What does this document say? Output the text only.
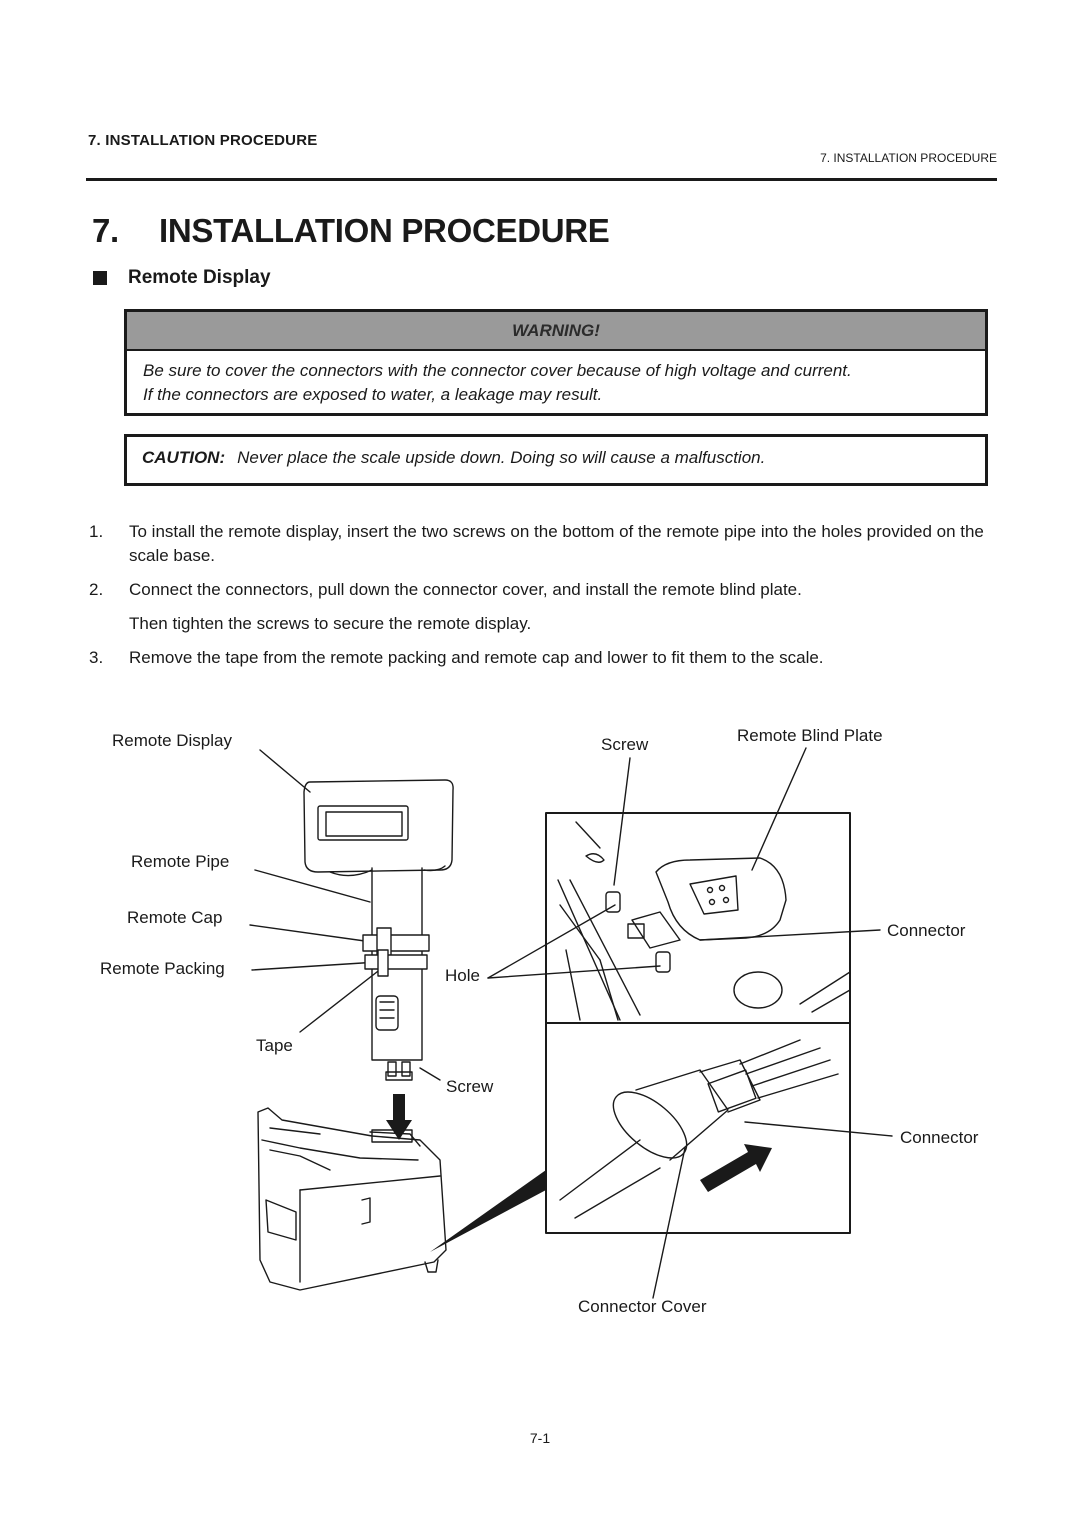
7. INSTALLATION PROCEDURE
7. INSTALLATION PROCEDURE
7. INSTALLATION PROCEDURE
Remote Display
WARNING!
Be sure to cover the connectors with the connector cover because of high voltage and current.
If the connectors are exposed to water, a leakage may result.
CAUTION: Never place the scale upside down. Doing so will cause a malfusction.
1.	To install the remote display, insert the two screws on the bottom of the remote pipe into the holes provided on the scale base.
2.	Connect the connectors, pull down the connector cover, and install the remote blind plate.
Then tighten the screws to secure the remote display.
3.	Remove the tape from the remote packing and remote cap and lower to fit them to the scale.
Remote Display
Remote Pipe
Remote Cap
Remote Packing
Tape
Screw
Hole
Screw	Remote Blind Plate
Connector
Connector
Connector Cover
7-1
